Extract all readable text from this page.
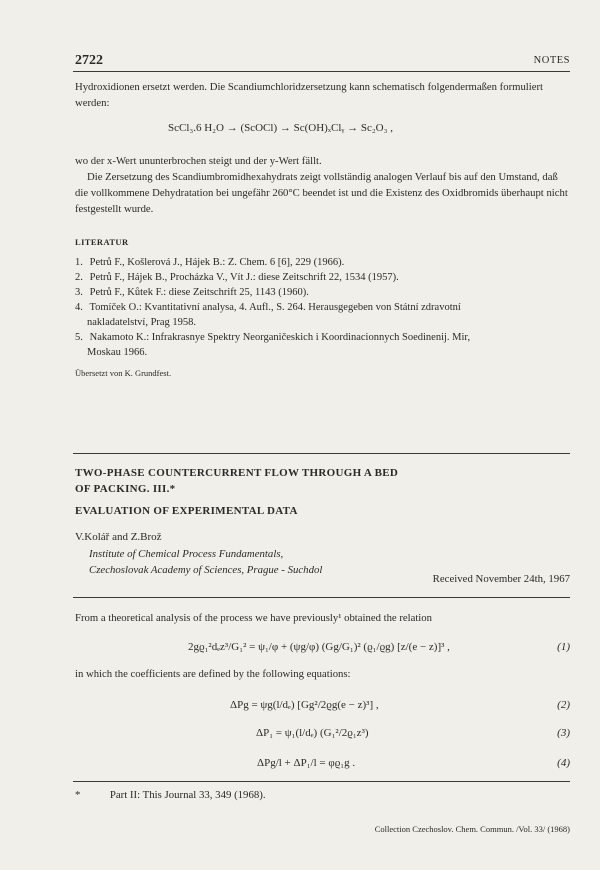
2722	NOTES
Hydroxidionen ersetzt werden. Die Scandiumchloridzersetzung kann schematisch folgendermaßen formuliert werden:
ScCl₃.6 H₂O → (ScOCl) → Sc(OH)ₓClᵧ → Sc₂O₃ ,
wo der x-Wert ununterbrochen steigt und der y-Wert fällt.
Die Zersetzung des Scandiumbromidhexahydrats zeigt vollständig analogen Verlauf bis auf den Umstand, daß die vollkommene Dehydratation bei ungefähr 260°C beendet ist und die Existenz des Oxidbromids überhaupt nicht festgestellt wurde.
LITERATUR
1. Petrů F., Košlerová J., Hájek B.: Z. Chem. 6 [6], 229 (1966).
2. Petrů F., Hájek B., Procházka V., Vít J.: diese Zeitschrift 22, 1534 (1957).
3. Petrů F., Kůtek F.: diese Zeitschrift 25, 1143 (1960).
4. Tomíček O.: Kvantitativní analysa, 4. Aufl., S. 264. Herausgegeben von Státní zdravotní
nakladatelství, Prag 1958.
5. Nakamoto K.: Infrakrasnye Spektry Neorganičeskich i Koordinacionnych Soedinenij. Mir,
Moskau 1966.
Übersetzt von K. Grundfest.
TWO-PHASE COUNTERCURRENT FLOW THROUGH A BED
OF PACKING. III.*
EVALUATION OF EXPERIMENTAL DATA
V.Kolář and Z.Brož
Institute of Chemical Process Fundamentals,
Czechoslovak Academy of Sciences, Prague - Suchdol
Received November 24th, 1967
From a theoretical analysis of the process we have previously¹ obtained the relation
2gϱ₁²dₑz³/G₁² = ψ₁/φ + (ψg/φ) (Gg/G₁)² (ϱ₁/ϱg) [z/(e − z)]³ ,	(1)
in which the coefficients are defined by the following equations:
ΔPg = ψg(l/dₑ) [Gg²/2ϱg(e − z)³] ,	(2)
ΔP₁ = ψ₁(l/dₑ) (G₁²/2ϱ₁z³)	(3)
ΔPg/l + ΔP₁/l = φϱ₁g .	(4)
*	Part II: This Journal 33, 349 (1968).
Collection Czechoslov. Chem. Commun. /Vol. 33/ (1968)
